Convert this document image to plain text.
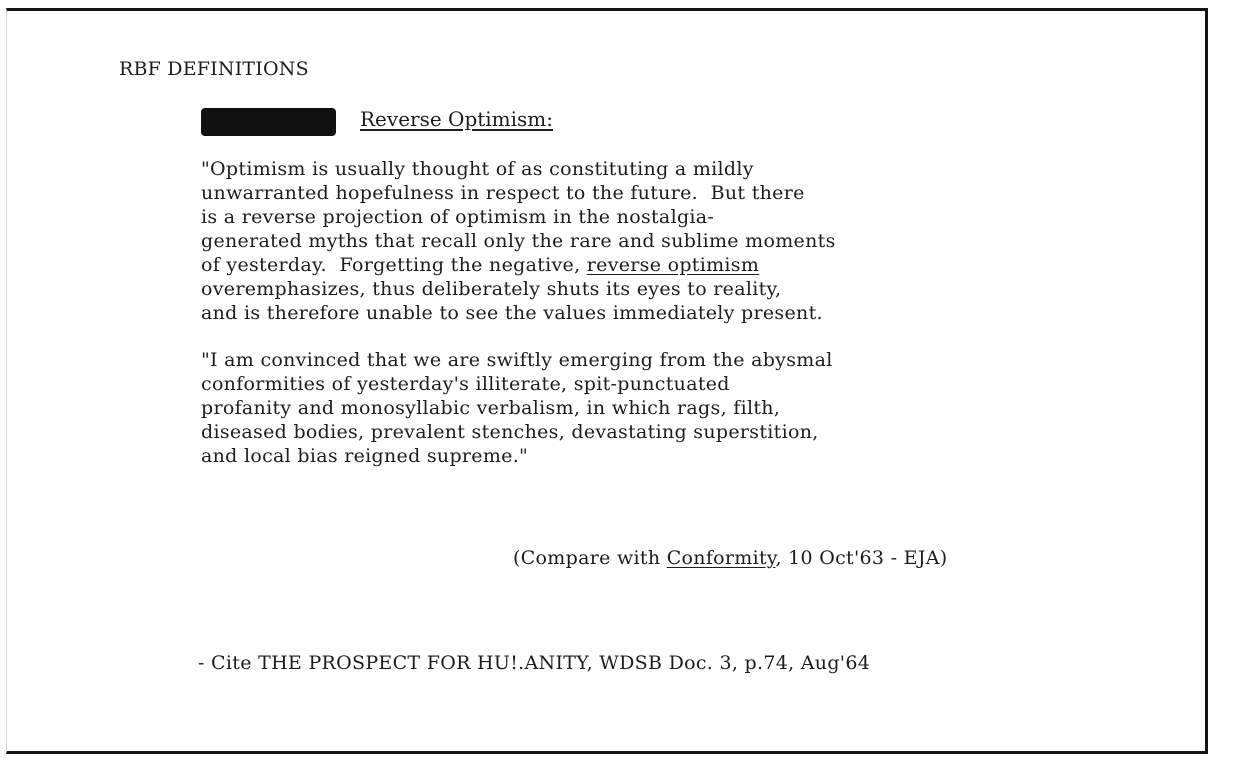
RBF DEFINITIONS
Reverse Optimism:
"Optimism is usually thought of as constituting a mildly
unwarranted hopefulness in respect to the future.  But there
is a reverse projection of optimism in the nostalgia-
generated myths that recall only the rare and sublime moments
of yesterday.  Forgetting the negative, reverse optimism
overemphasizes, thus deliberately shuts its eyes to reality,
and is therefore unable to see the values immediately present.
"I am convinced that we are swiftly emerging from the abysmal
conformities of yesterday's illiterate, spit-punctuated
profanity and monosyllabic verbalism, in which rags, filth,
diseased bodies, prevalent stenches, devastating superstition,
and local bias reigned supreme."
(Compare with Conformity, 10 Oct'63 - EJA)
- Cite THE PROSPECT FOR HU!.ANITY, WDSB Doc. 3, p.74, Aug'64
